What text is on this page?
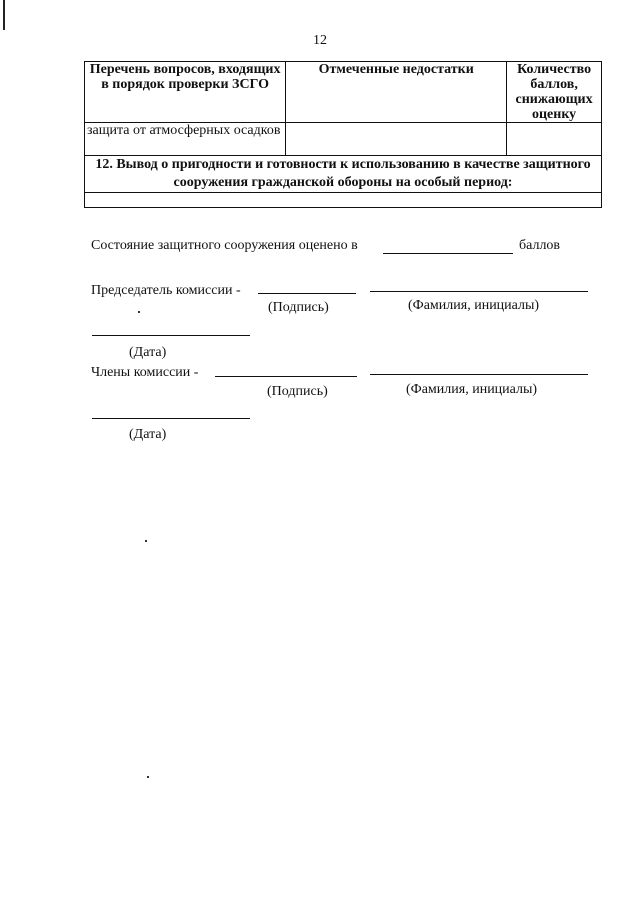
12
Перечень вопросов, входящих в порядок проверки ЗСГО	Отмеченные недостатки	Количество баллов, снижающих оценку
защита от атмосферных осадков		
12. Вывод о пригодности и готовности к использованию в качестве защитного сооружения гражданской обороны на особый период:		

Состояние защитного сооружения оценено в	баллов
Председатель комиссии -
(Подпись)	(Фамилия, инициалы)
(Дата)
Члены комиссии -
(Подпись)	(Фамилия, инициалы)
(Дата)
